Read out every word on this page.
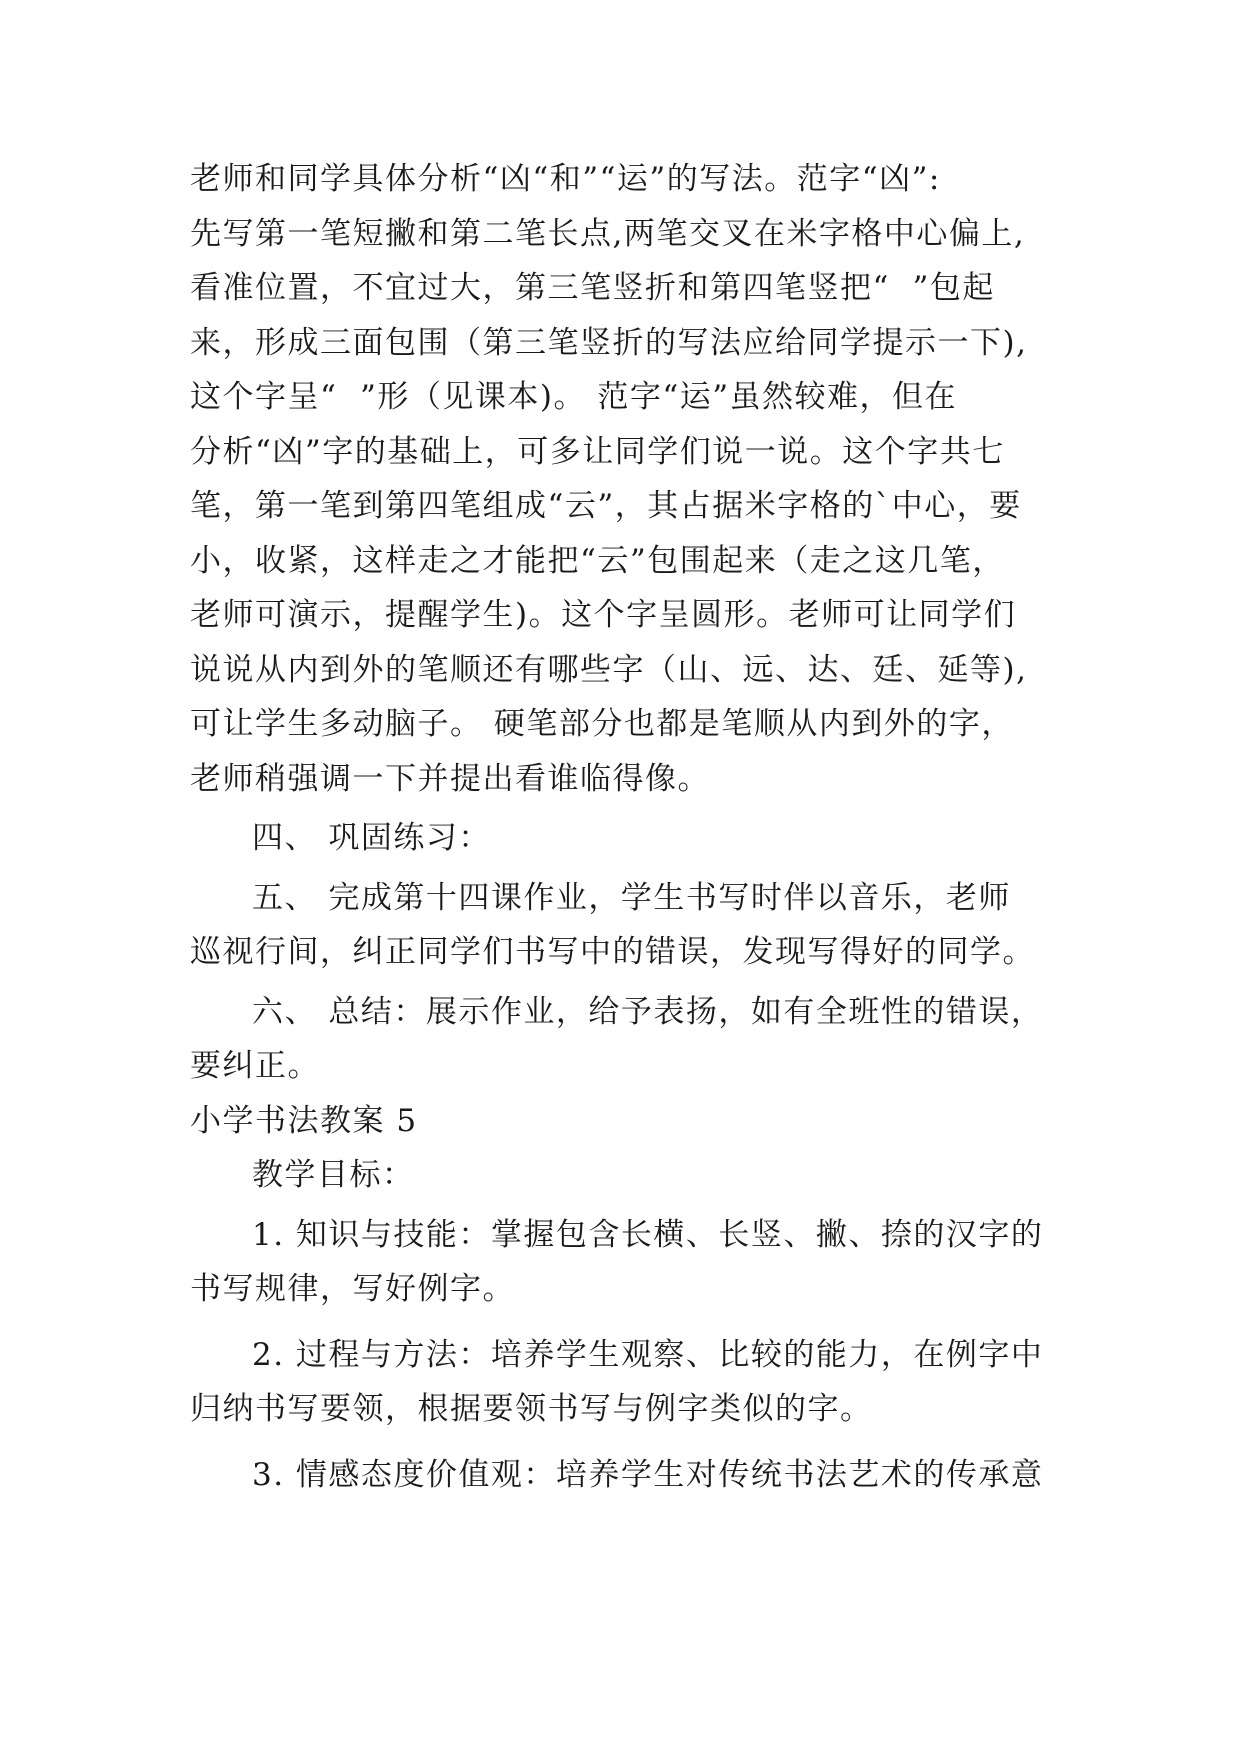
老师和同学具体分析“凶“和”“运”的写法。范字“凶”:
先写第一笔短撇和第二笔长点,两笔交叉在米字格中心偏上,
看准位置，不宜过大，第三笔竖折和第四笔竖把“  ”包起
来，形成三面包围（第三笔竖折的写法应给同学提示一下),
这个字呈“  ”形（见课本)。 范字“运”虽然较难，但在
分析“凶”字的基础上，可多让同学们说一说。这个字共七
笔，第一笔到第四笔组成“云”，其占据米字格的`中心，要
小，收紧，这样走之才能把“云”包围起来（走之这几笔，
老师可演示，提醒学生)。这个字呈圆形。老师可让同学们
说说从内到外的笔顺还有哪些字（山、远、达、廷、延等),
可让学生多动脑子。 硬笔部分也都是笔顺从内到外的字，
老师稍强调一下并提出看谁临得像。
四、 巩固练习：
五、 完成第十四课作业，学生书写时伴以音乐，老师
巡视行间，纠正同学们书写中的错误，发现写得好的同学。
六、 总结：展示作业，给予表扬，如有全班性的错误，
要纠正。
小学书法教案 5
教学目标：
1. 知识与技能：掌握包含长横、长竖、撇、捺的汉字的
书写规律，写好例字。
2. 过程与方法：培养学生观察、比较的能力，在例字中
归纳书写要领，根据要领书写与例字类似的字。
3. 情感态度价值观：培养学生对传统书法艺术的传承意
